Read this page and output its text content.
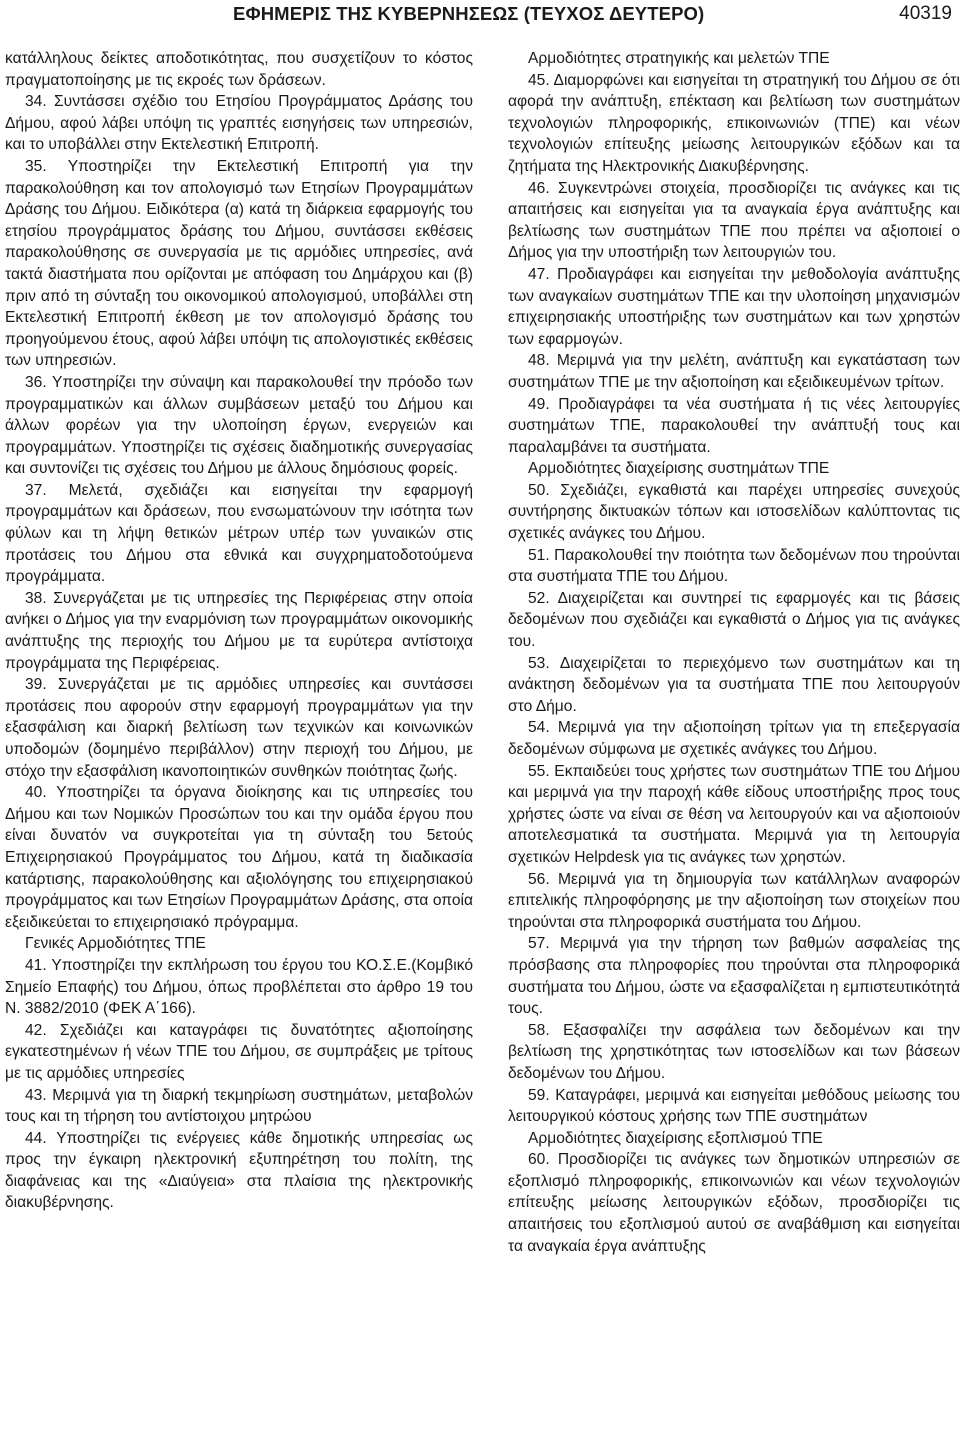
ΕΦΗΜΕΡΙΣ ΤΗΣ ΚΥΒΕΡΝΗΣΕΩΣ (ΤΕΥΧΟΣ ΔΕΥΤΕΡΟ)	40319

κατάλληλους δείκτες αποδοτικότητας, που συσχετίζουν το κόστος πραγματοποίησης με τις εκροές των δράσεων.

34. Συντάσσει σχέδιο του Ετησίου Προγράμματος Δράσης του Δήμου, αφού λάβει υπόψη τις γραπτές εισηγήσεις των υπηρεσιών, και το υποβάλλει στην Εκτελεστική Επιτροπή.

35. Υποστηρίζει την Εκτελεστική Επιτροπή για την παρακολούθηση και τον απολογισμό των Ετησίων Προγραμμάτων Δράσης του Δήμου. Ειδικότερα (α) κατά τη διάρκεια εφαρμογής του ετησίου προγράμματος δράσης του Δήμου, συντάσσει εκθέσεις παρακολούθησης σε συνεργασία με τις αρμόδιες υπηρεσίες, ανά τακτά διαστήματα που ορίζονται με απόφαση του Δημάρχου και (β) πριν από τη σύνταξη του οικονομικού απολογισμού, υποβάλλει στη Εκτελεστική Επιτροπή έκθεση με τον απολογισμό δράσης του προηγούμενου έτους, αφού λάβει υπόψη τις απολογιστικές εκθέσεις των υπηρεσιών.

36. Υποστηρίζει την σύναψη και παρακολουθεί την πρόοδο των προγραμματικών και άλλων συμβάσεων μεταξύ του Δήμου και άλλων φορέων για την υλοποίηση έργων, ενεργειών και προγραμμάτων. Υποστηρίζει τις σχέσεις διαδημοτικής συνεργασίας και συντονίζει τις σχέσεις του Δήμου με άλλους δημόσιους φορείς.

37. Μελετά, σχεδιάζει και εισηγείται την εφαρμογή προγραμμάτων και δράσεων, που ενσωματώνουν την ισότητα των φύλων και τη λήψη θετικών μέτρων υπέρ των γυναικών στις προτάσεις του Δήμου στα εθνικά και συγχρηματοδοτούμενα προγράμματα.

38. Συνεργάζεται με τις υπηρεσίες της Περιφέρειας στην οποία ανήκει ο Δήμος για την εναρμόνιση των προγραμμάτων οικονομικής ανάπτυξης της περιοχής του Δήμου με τα ευρύτερα αντίστοιχα προγράμματα της Περιφέρειας.

39. Συνεργάζεται με τις αρμόδιες υπηρεσίες και συντάσσει προτάσεις που αφορούν στην εφαρμογή προγραμμάτων για την εξασφάλιση και διαρκή βελτίωση των τεχνικών και κοινωνικών υποδομών (δομημένο περιβάλλον) στην περιοχή του Δήμου, με στόχο την εξασφάλιση ικανοποιητικών συνθηκών ποιότητας ζωής.

40. Υποστηρίζει τα όργανα διοίκησης και τις υπηρεσίες του Δήμου και των Νομικών Προσώπων του και την ομάδα έργου που είναι δυνατόν να συγκροτείται για τη σύνταξη του 5ετούς Επιχειρησιακού Προγράμματος του Δήμου, κατά τη διαδικασία κατάρτισης, παρακολούθησης και αξιολόγησης του επιχειρησιακού προγράμματος και των Ετησίων Προγραμμάτων Δράσης, στα οποία εξειδικεύεται το επιχειρησιακό πρόγραμμα.

Γενικές Αρμοδιότητες ΤΠΕ

41. Υποστηρίζει την εκπλήρωση του έργου του ΚΟ.Σ.Ε.(Κομβικό Σημείο Επαφής) του Δήμου, όπως προβλέπεται στο άρθρο 19 του Ν. 3882/2010 (ΦΕΚ Α΄166).

42. Σχεδιάζει και καταγράφει τις δυνατότητες αξιοποίησης εγκατεστημένων ή νέων ΤΠΕ του Δήμου, σε συμπράξεις με τρίτους με τις αρμόδιες υπηρεσίες

43. Μεριμνά για τη διαρκή τεκμηρίωση συστημάτων, μεταβολών τους και τη τήρηση του αντίστοιχου μητρώου

44. Υποστηρίζει τις ενέργειες κάθε δημοτικής υπηρεσίας ως προς την έγκαιρη ηλεκτρονική εξυπηρέτηση του πολίτη, της διαφάνειας και της «Διαύγεια» στα πλαίσια της ηλεκτρονικής διακυβέρνησης.

Αρμοδιότητες στρατηγικής και μελετών ΤΠΕ

45. Διαμορφώνει και εισηγείται τη στρατηγική του Δήμου σε ότι αφορά την ανάπτυξη, επέκταση και βελτίωση των συστημάτων τεχνολογιών πληροφορικής, επικοινωνιών (ΤΠΕ) και νέων τεχνολογιών επίτευξης μείωσης λειτουργικών εξόδων και τα ζητήματα της Ηλεκτρονικής Διακυβέρνησης.

46. Συγκεντρώνει στοιχεία, προσδιορίζει τις ανάγκες και τις απαιτήσεις και εισηγείται για τα αναγκαία έργα ανάπτυξης και βελτίωσης των συστημάτων ΤΠΕ που πρέπει να αξιοποιεί ο Δήμος για την υποστήριξη των λειτουργιών του.

47. Προδιαγράφει και εισηγείται την μεθοδολογία ανάπτυξης των αναγκαίων συστημάτων ΤΠΕ και την υλοποίηση μηχανισμών επιχειρησιακής υποστήριξης των συστημάτων και των χρηστών των εφαρμογών.

48. Μεριμνά για την μελέτη, ανάπτυξη και εγκατάσταση των συστημάτων ΤΠΕ με την αξιοποίηση και εξειδικευμένων τρίτων.

49. Προδιαγράφει τα νέα συστήματα ή τις νέες λειτουργίες συστημάτων ΤΠΕ, παρακολουθεί την ανάπτυξή τους και παραλαμβάνει τα συστήματα.

Αρμοδιότητες διαχείρισης συστημάτων ΤΠΕ

50. Σχεδιάζει, εγκαθιστά και παρέχει υπηρεσίες συνεχούς συντήρησης δικτυακών τόπων και ιστοσελίδων καλύπτοντας τις σχετικές ανάγκες του Δήμου.

51. Παρακολουθεί την ποιότητα των δεδομένων που τηρούνται στα συστήματα ΤΠΕ του Δήμου.

52. Διαχειρίζεται και συντηρεί τις εφαρμογές και τις βάσεις δεδομένων που σχεδιάζει και εγκαθιστά ο Δήμος για τις ανάγκες του.

53. Διαχειρίζεται το περιεχόμενο των συστημάτων και τη ανάκτηση δεδομένων για τα συστήματα ΤΠΕ που λειτουργούν στο Δήμο.

54. Μεριμνά για την αξιοποίηση τρίτων για τη επεξεργασία δεδομένων σύμφωνα με σχετικές ανάγκες του Δήμου.

55. Εκπαιδεύει τους χρήστες των συστημάτων ΤΠΕ του Δήμου και μεριμνά για την παροχή κάθε είδους υποστήριξης προς τους χρήστες ώστε να είναι σε θέση να λειτουργούν και να αξιοποιούν αποτελεσματικά τα συστήματα. Μεριμνά για τη λειτουργία σχετικών Helpdesk για τις ανάγκες των χρηστών.

56. Μεριμνά για τη δημιουργία των κατάλληλων αναφορών επιτελικής πληροφόρησης με την αξιοποίηση των στοιχείων που τηρούνται στα πληροφορικά συστήματα του Δήμου.

57. Μεριμνά για την τήρηση των βαθμών ασφαλείας της πρόσβασης στα πληροφορίες που τηρούνται στα πληροφορικά συστήματα του Δήμου, ώστε να εξασφαλίζεται η εμπιστευτικότητά τους.

58. Εξασφαλίζει την ασφάλεια των δεδομένων και την βελτίωση της χρηστικότητας των ιστοσελίδων και των βάσεων δεδομένων του Δήμου.

59. Καταγράφει, μεριμνά και εισηγείται μεθόδους μείωσης του λειτουργικού κόστους χρήσης των ΤΠΕ συστημάτων

Αρμοδιότητες διαχείρισης εξοπλισμού ΤΠΕ

60. Προσδιορίζει τις ανάγκες των δημοτικών υπηρεσιών σε εξοπλισμό πληροφορικής, επικοινωνιών και νέων τεχνολογιών επίτευξης μείωσης λειτουργικών εξόδων, προσδιορίζει τις απαιτήσεις του εξοπλισμού αυτού σε αναβάθμιση και εισηγείται τα αναγκαία έργα ανάπτυξης
